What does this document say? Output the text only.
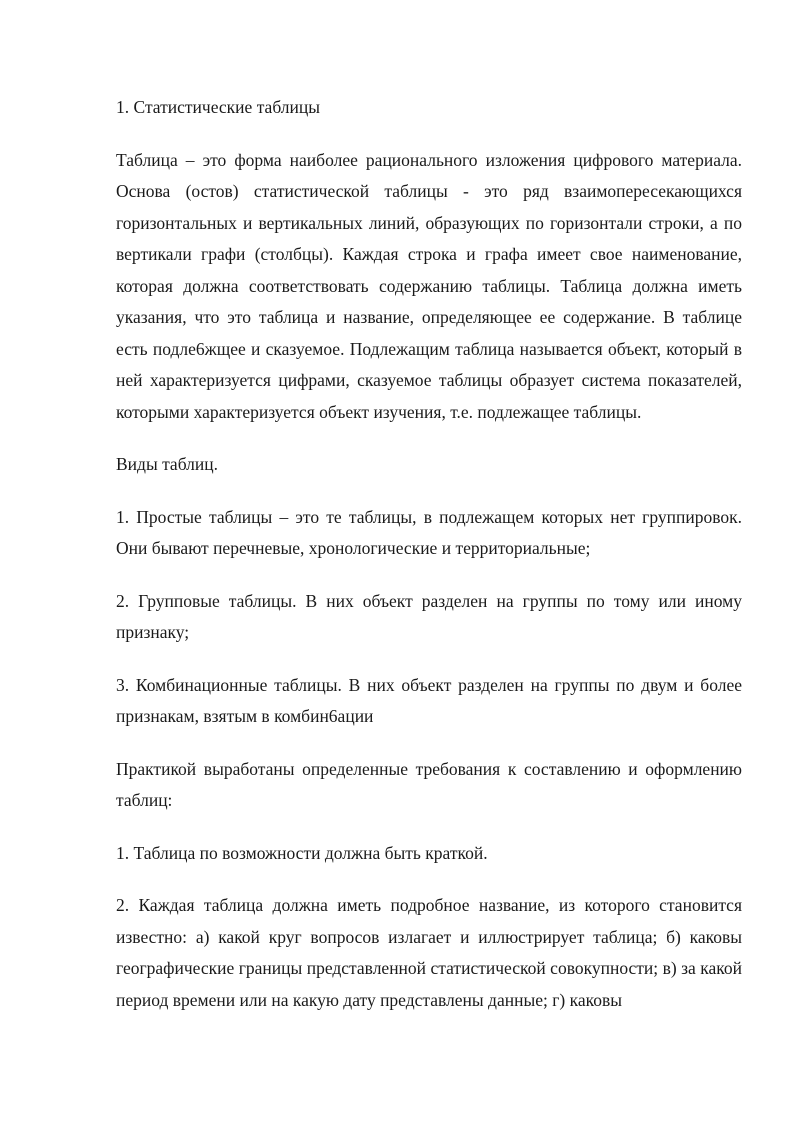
1. Статистические таблицы

Таблица – это форма наиболее рационального изложения цифрового материала. Основа (остов) статистической таблицы - это ряд взаимопересекающихся горизонтальных и вертикальных линий, образующих по горизонтали строки, а по вертикали графи (столбцы). Каждая строка и графа имеет свое наименование, которая должна соответствовать содержанию таблицы. Таблица должна иметь указания, что это таблица и название, определяющее ее содержание. В таблице есть подле6жщее и сказуемое. Подлежащим таблица называется объект, который в ней характеризуется цифрами, сказуемое таблицы образует система показателей, которыми характеризуется объект изучения, т.е. подлежащее таблицы.

Виды таблиц.

1. Простые таблицы – это те таблицы, в подлежащем которых нет группировок. Они бывают перечневые, хронологические и территориальные;

2. Групповые таблицы. В них объект разделен на группы по тому или иному признаку;

3. Комбинационные таблицы. В них объект разделен на группы по двум и более признакам, взятым в комбин6ации

Практикой выработаны определенные требования к составлению и оформлению таблиц:

1. Таблица по возможности должна быть краткой.

2. Каждая таблица должна иметь подробное название, из которого становится известно: а) какой круг вопросов излагает и иллюстрирует таблица; б) каковы географические границы представленной статистической совокупности; в) за какой период времени или на какую дату представлены данные; г) каковы
